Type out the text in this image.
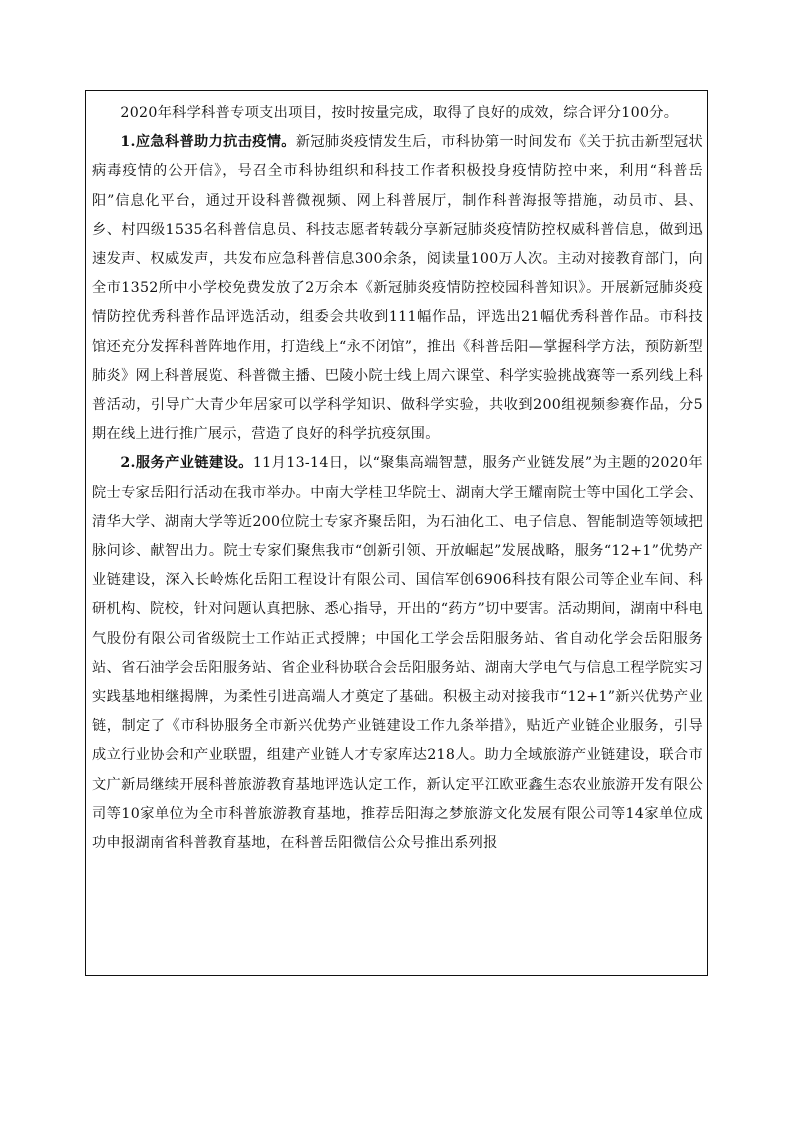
2020年科学科普专项支出项目，按时按量完成，取得了良好的成效，综合评分100分。

1.应急科普助力抗击疫情。新冠肺炎疫情发生后，市科协第一时间发布《关于抗击新型冠状病毒疫情的公开信》，号召全市科协组织和科技工作者积极投身疫情防控中来，利用“科普岳阳”信息化平台，通过开设科普微视频、网上科普展厅，制作科普海报等措施，动员市、县、乡、村四级1535名科普信息员、科技志愿者转载分享新冠肺炎疫情防控权威科普信息，做到迅速发声、权威发声，共发布应急科普信息300余条，阅读量100万人次。主动对接教育部门，向全市1352所中小学校免费发放了2万余本《新冠肺炎疫情防控校园科普知识》。开展新冠肺炎疫情防控优秀科普作品评选活动，组委会共收到111幅作品，评选出21幅优秀科普作品。市科技馆还充分发挥科普阵地作用，打造线上“永不闭馆”，推出《科普岳阳—掌握科学方法，预防新型肺炎》网上科普展览、科普微主播、巴陵小院士线上周六课堂、科学实验挑战赛等一系列线上科普活动，引导广大青少年居家可以学科学知识、做科学实验，共收到200组视频参赛作品，分5期在线上进行推广展示，营造了良好的科学抗疫氛围。

2.服务产业链建设。11月13-14日，以“聚集高端智慧，服务产业链发展”为主题的2020年院士专家岳阳行活动在我市举办。中南大学桂卫华院士、湖南大学王耀南院士等中国化工学会、清华大学、湖南大学等近200位院士专家齐聚岳阳，为石油化工、电子信息、智能制造等领域把脉问诊、献智出力。院士专家们聚焦我市“创新引领、开放崛起”发展战略，服务“12+1”优势产业链建设，深入长岭炼化岳阳工程设计有限公司、国信军创6906科技有限公司等企业车间、科研机构、院校，针对问题认真把脉、悉心指导，开出的“药方”切中要害。活动期间，湖南中科电气股份有限公司省级院士工作站正式授牌；中国化工学会岳阳服务站、省自动化学会岳阳服务站、省石油学会岳阳服务站、省企业科协联合会岳阳服务站、湖南大学电气与信息工程学院实习实践基地相继揭牌，为柔性引进高端人才奠定了基础。积极主动对接我市“12+1”新兴优势产业链，制定了《市科协服务全市新兴优势产业链建设工作九条举措》，贴近产业链企业服务，引导成立行业协会和产业联盟，组建产业链人才专家库达218人。助力全域旅游产业链建设，联合市文广新局继续开展科普旅游教育基地评选认定工作，新认定平江欧亚鑫生态农业旅游开发有限公司等10家单位为全市科普旅游教育基地，推荐岳阳海之梦旅游文化发展有限公司等14家单位成功申报湖南省科普教育基地，在科普岳阳微信公众号推出系列报
